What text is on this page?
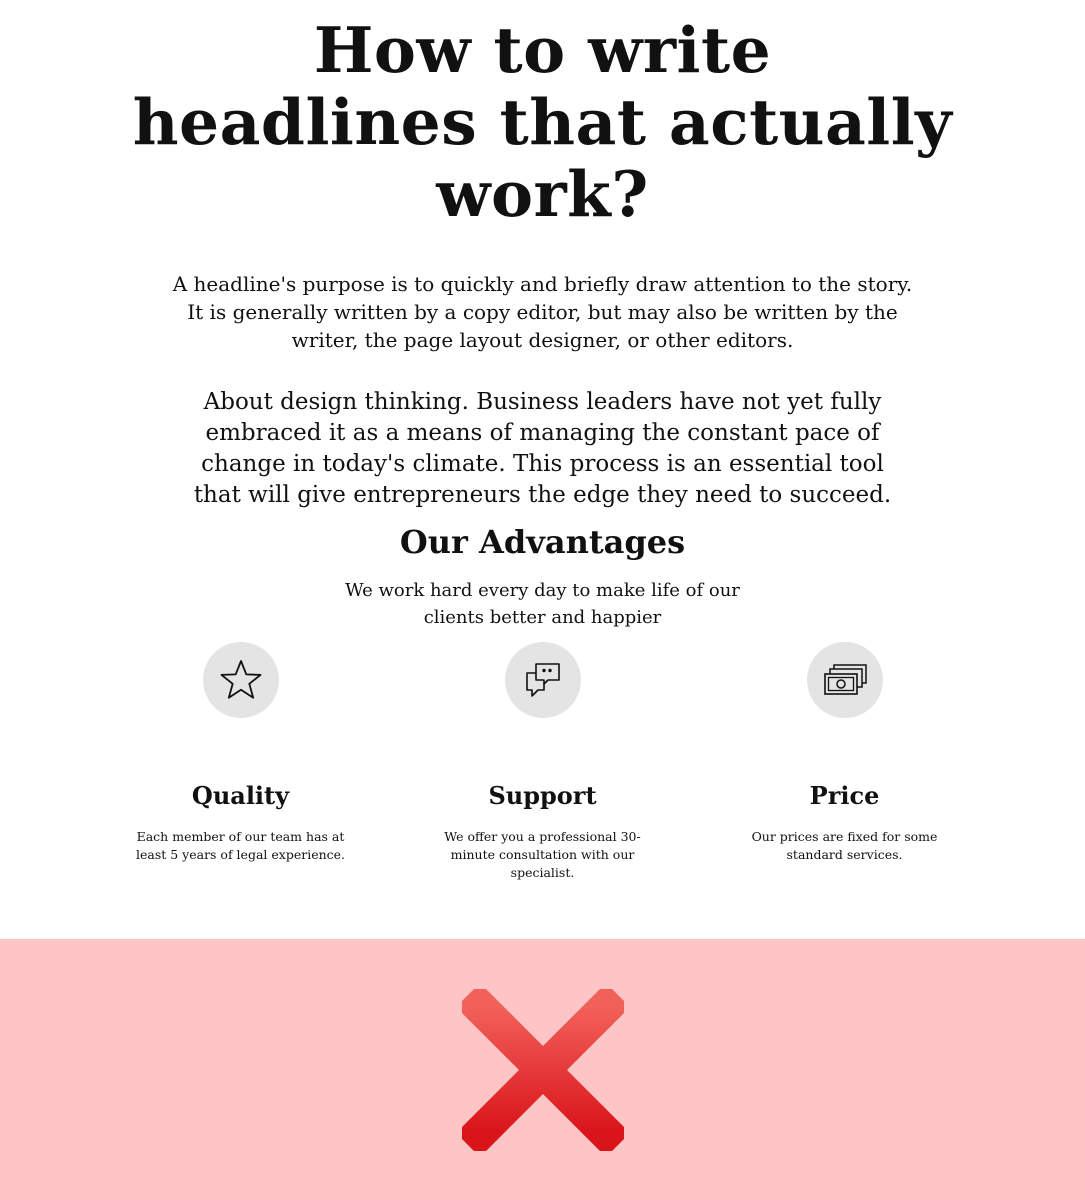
How to write headlines that actually work?

A headline's purpose is to quickly and briefly draw attention to the story. It is generally written by a copy editor, but may also be written by the writer, the page layout designer, or other editors.

About design thinking. Business leaders have not yet fully embraced it as a means of managing the constant pace of change in today's climate. This process is an essential tool that will give entrepreneurs the edge they need to succeed.

Our Advantages

We work hard every day to make life of our clients better and happier

Quality
Each member of our team has at least 5 years of legal experience.
Support
We offer you a professional 30-minute consultation with our specialist.
Price
Our prices are fixed for some standard services.
